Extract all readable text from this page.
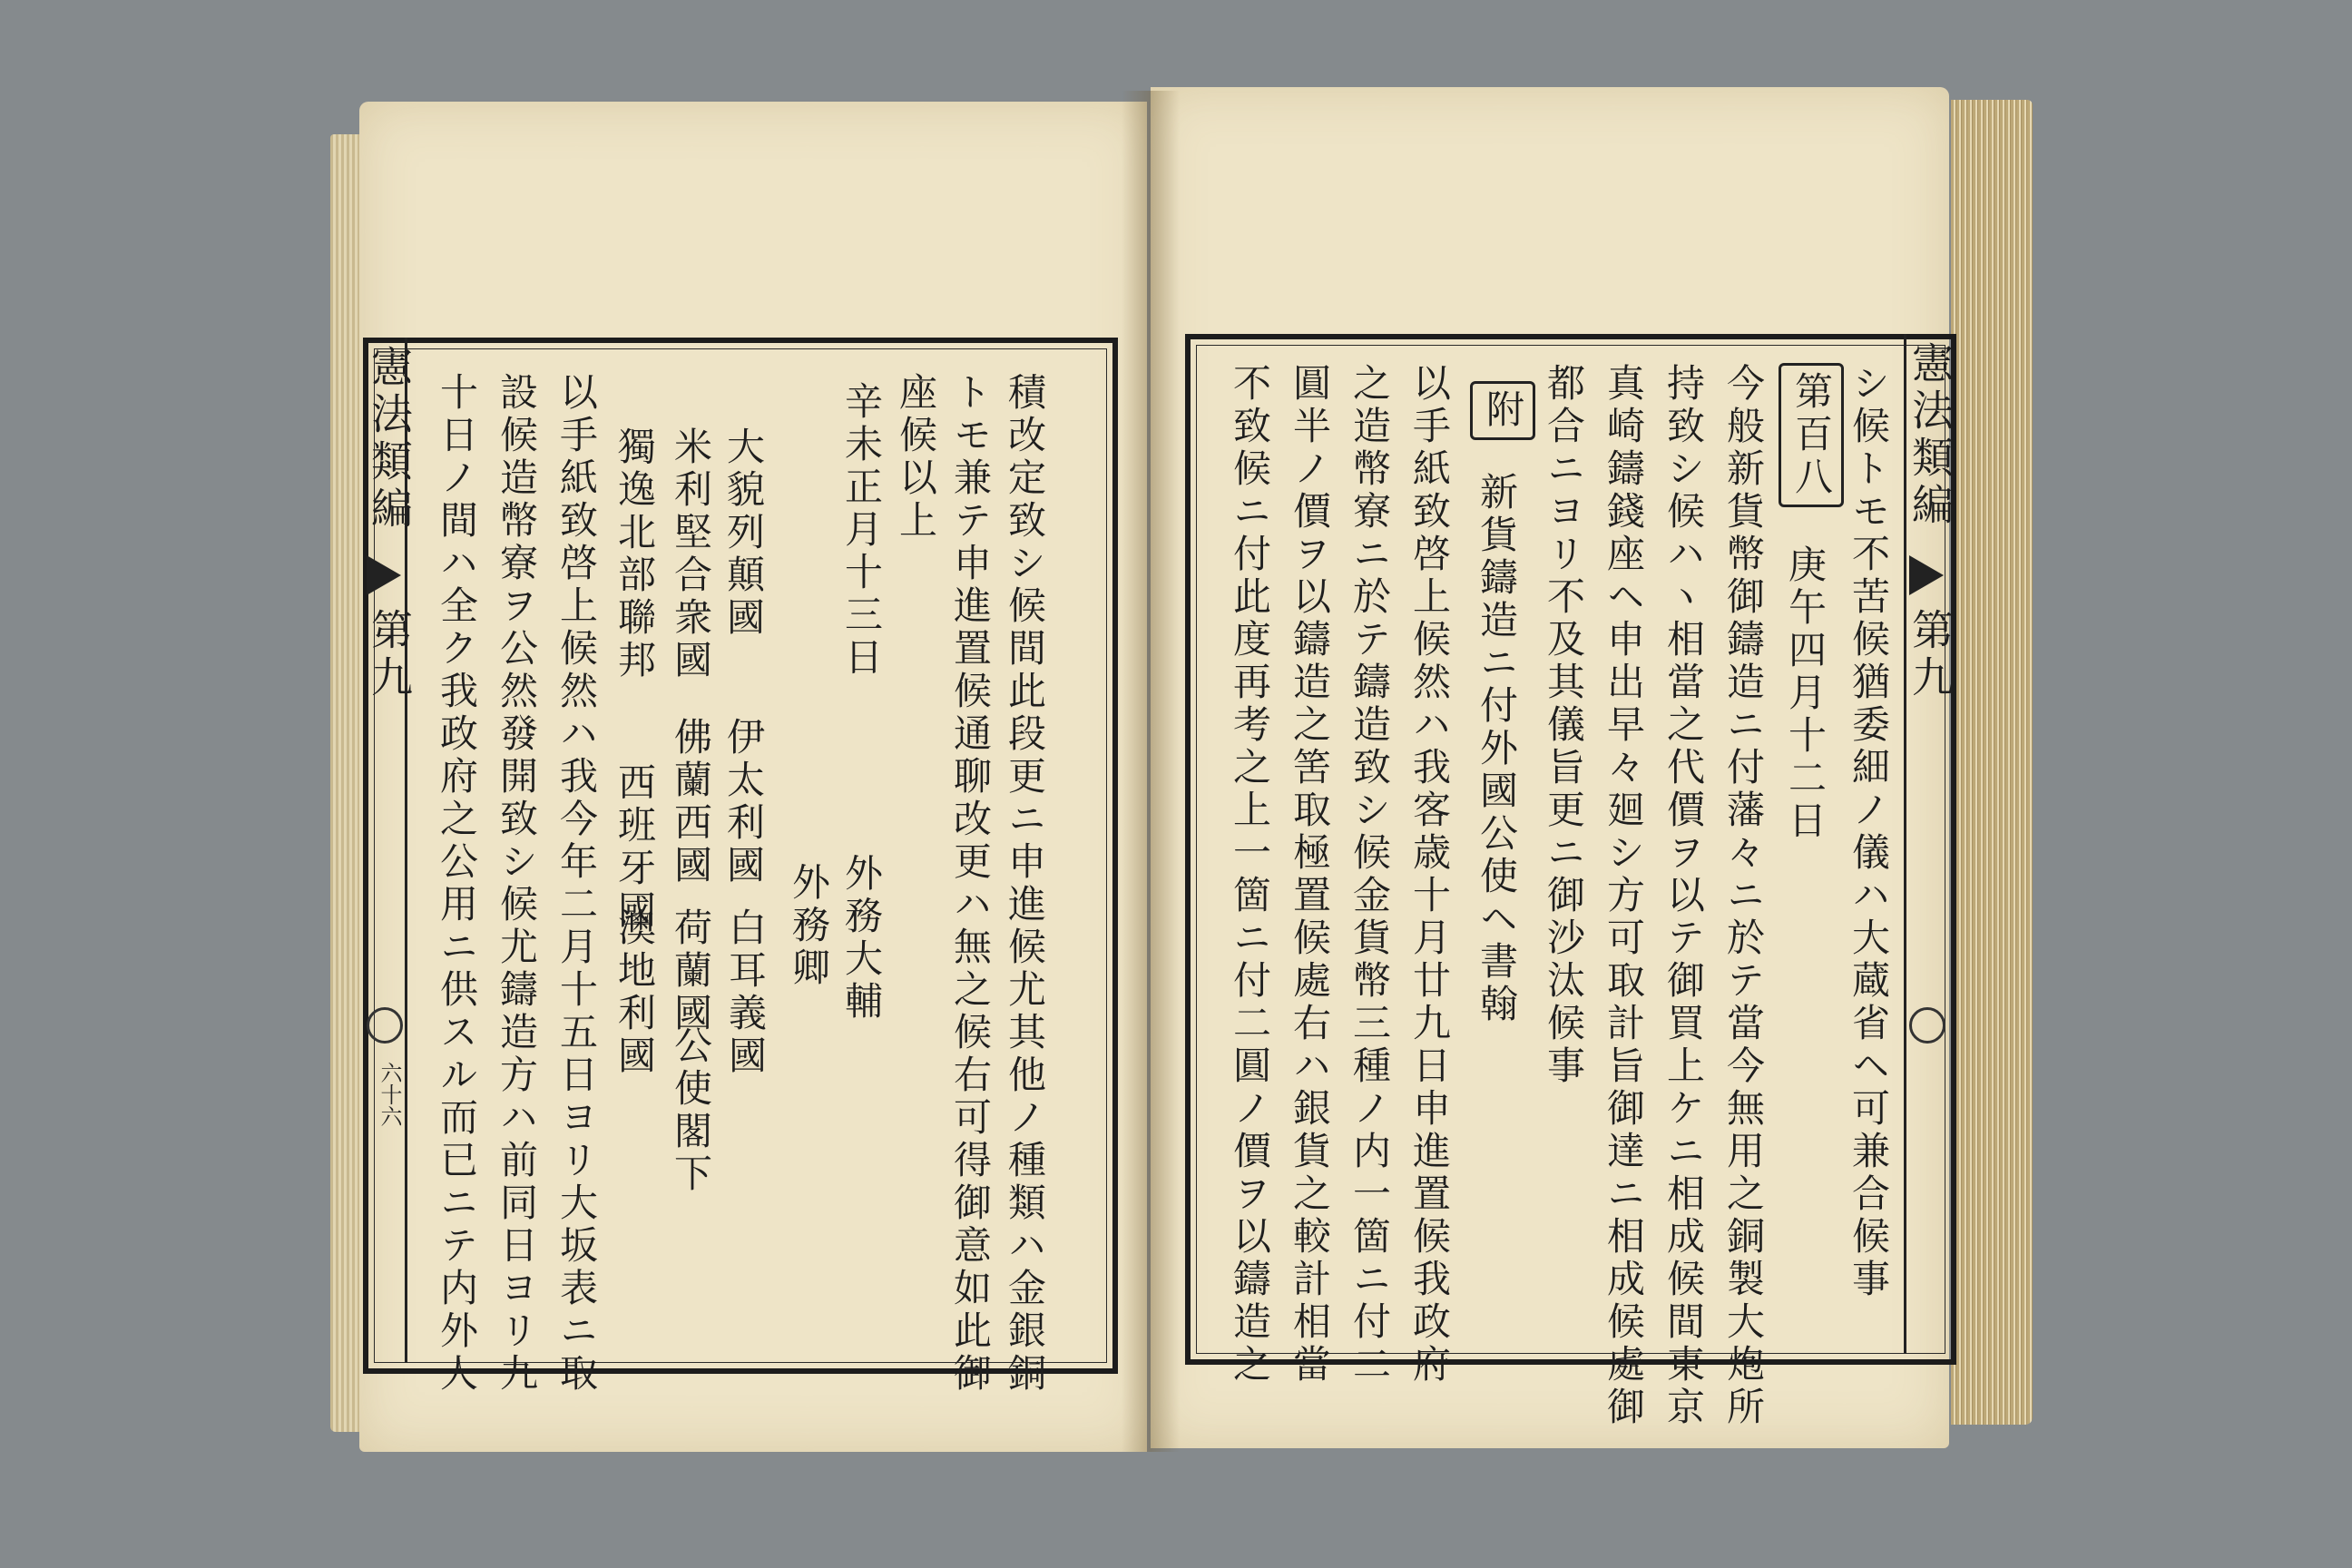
憲法類編
第九
六十六	積改定致シ候間此段更ニ申進候尤其他ノ種類ハ金銀銅
トモ兼テ申進置候通聊改更ハ無之候右可得御意如此御
座候以上
辛未正月十三日
外務大輔
外務卿
大貌列顛國
伊太利國
米利堅合衆國
佛蘭西國
白耳義國
獨逸北部聯邦
西班牙國
荷蘭國
公使閣下
澳地利國
以手紙致啓上候然ハ我今年二月十五日ヨリ大坂表ニ取
設候造幣寮ヲ公然發開致シ候尤鑄造方ハ前同日ヨリ九
十日ノ間ハ全ク我政府之公用ニ供スル而已ニテ内外人	憲法類編
第九
シ候トモ不苦候猶委細ノ儀ハ大蔵省ヘ可兼合候事
第百八
庚午四月十二日
今般新貨幣御鑄造ニ付藩々ニ於テ當今無用之銅製大炮所
持致シ候ハヽ相當之代價ヲ以テ御買上ケニ相成候間東京
真崎鑄錢座ヘ申出早々廻シ方可取計旨御達ニ相成候處御
都合ニヨリ不及其儀旨更ニ御沙汰候事
附
新貨鑄造ニ付外國公使ヘ書翰
以手紙致啓上候然ハ我客歳十月廿九日申進置候我政府
之造幣寮ニ於テ鑄造致シ候金貨幣三種ノ内一箇ニ付二
圓半ノ價ヲ以鑄造之筈取極置候處右ハ銀貨之較計相當
不致候ニ付此度再考之上一箇ニ付二圓ノ價ヲ以鑄造之
